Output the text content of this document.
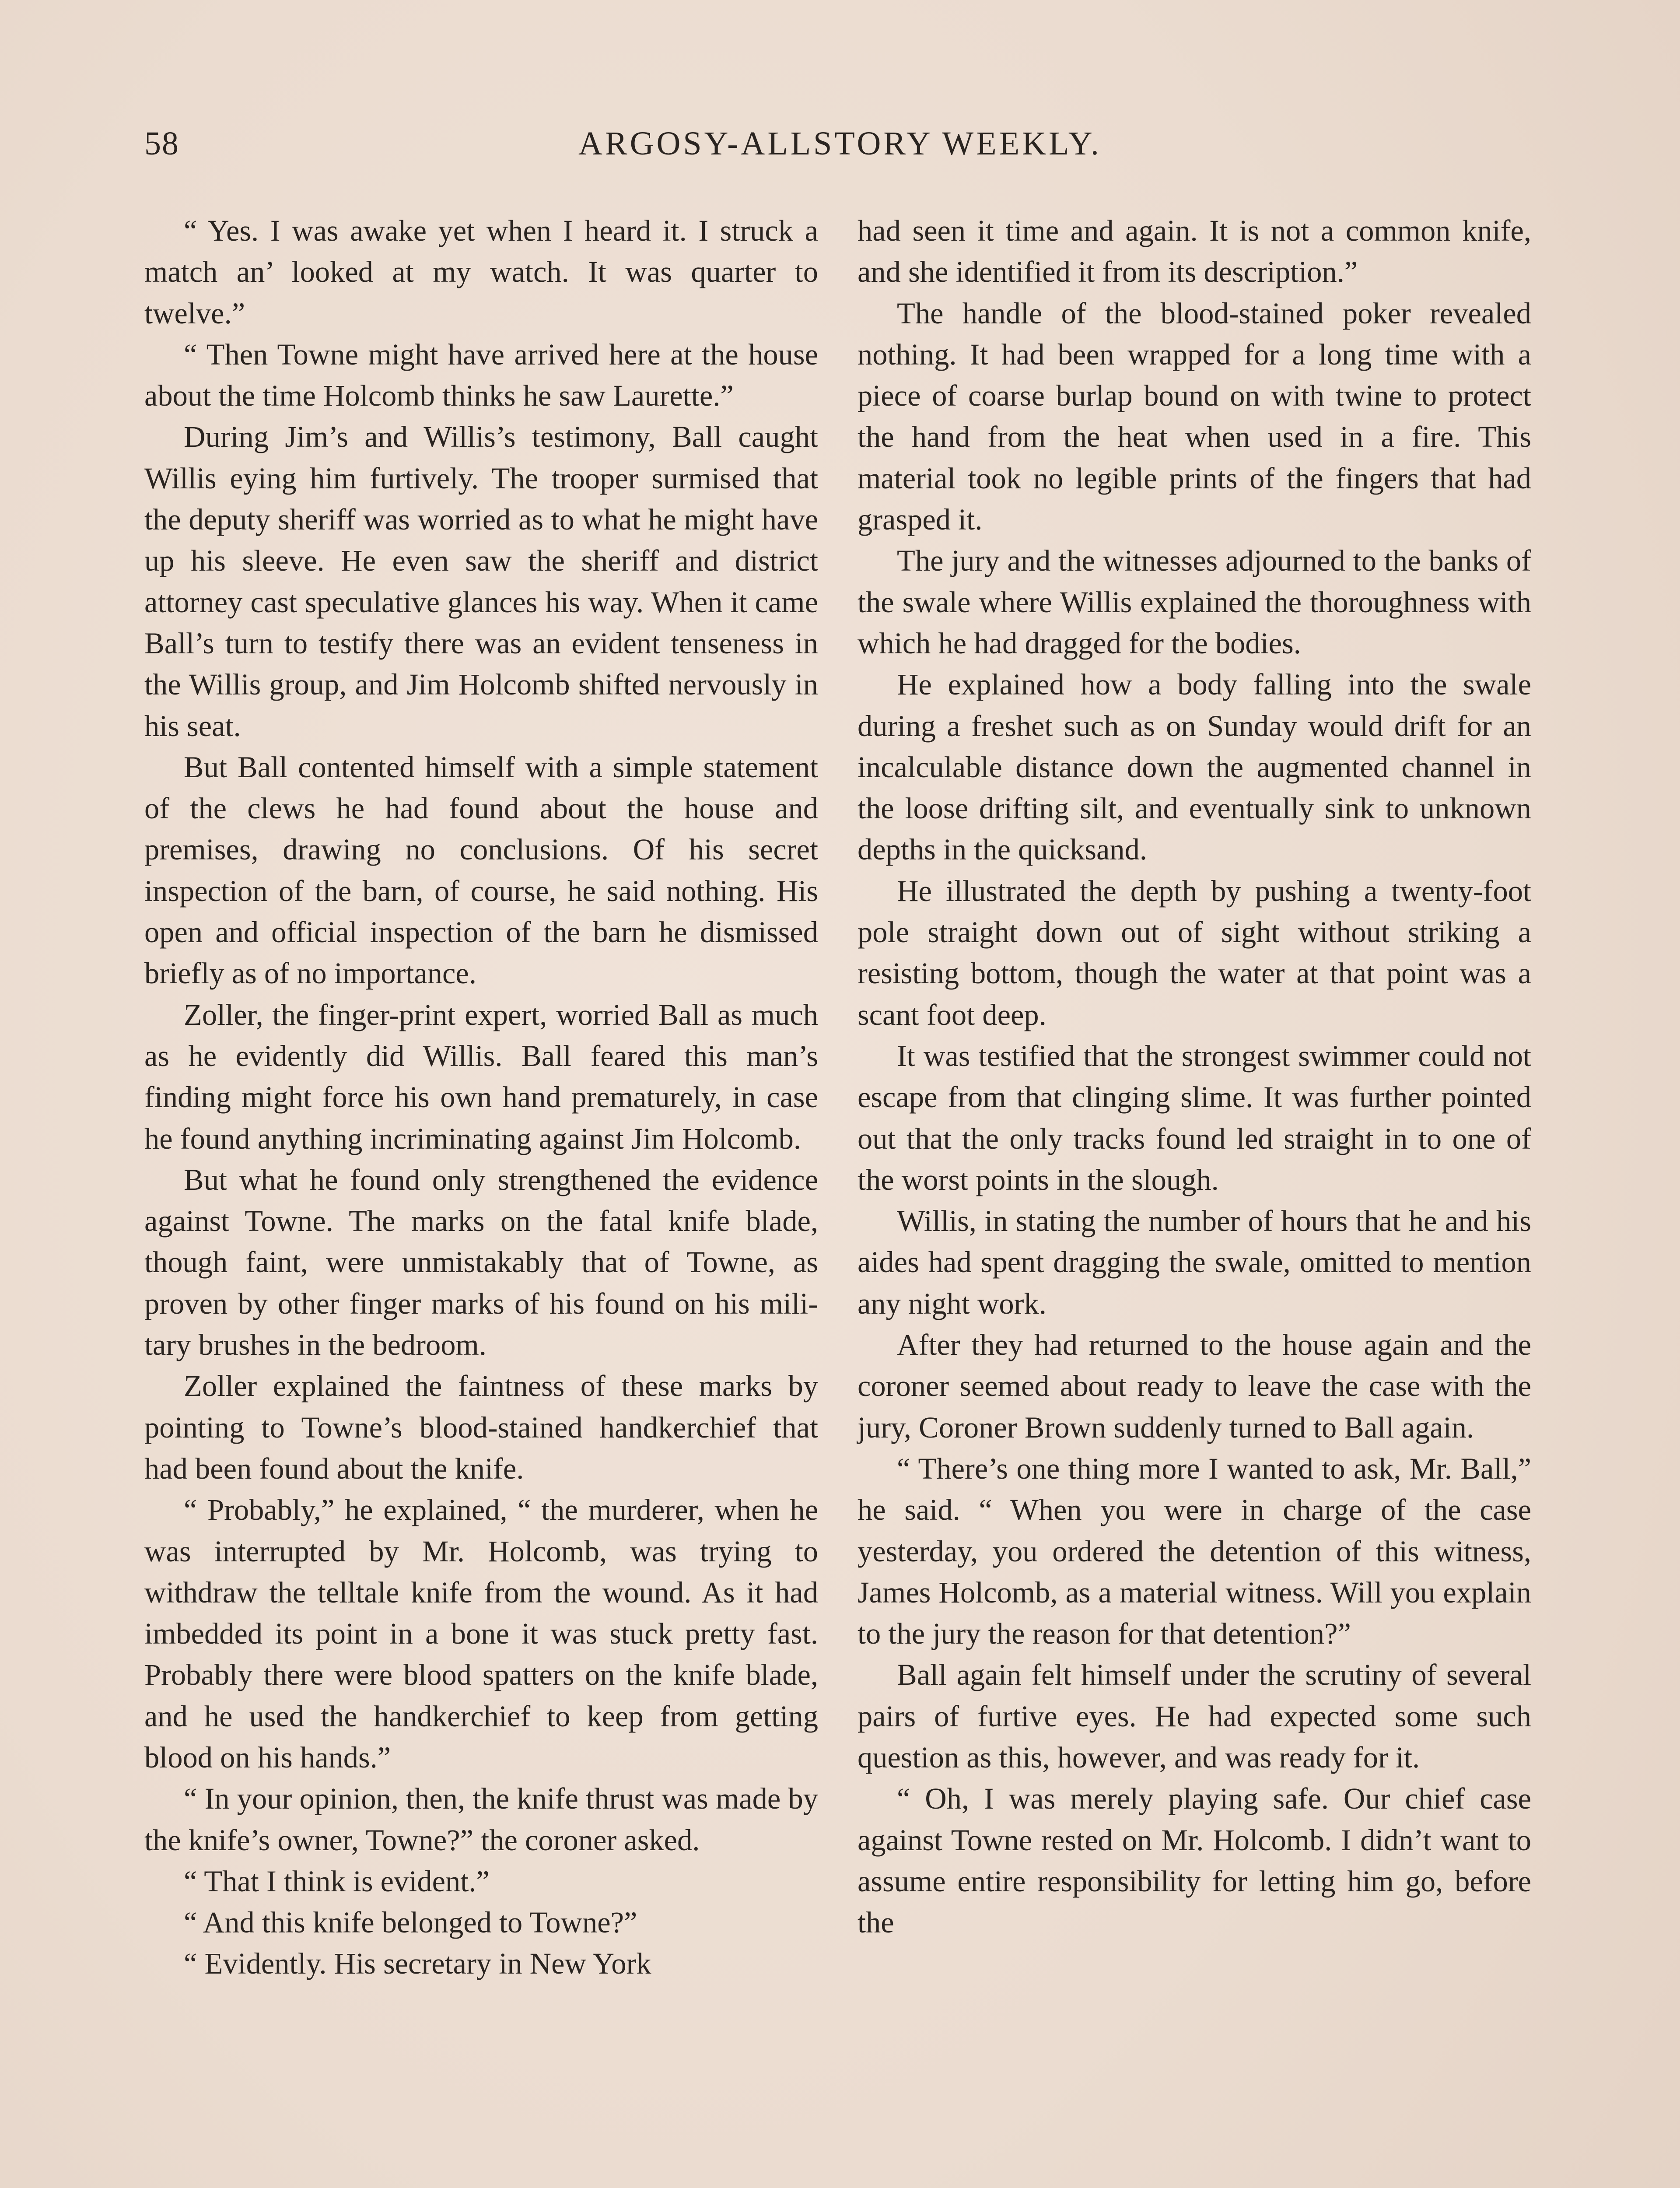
58	ARGOSY-ALLSTORY WEEKLY.

“ Yes. I was awake yet when I heard it. I struck a match an’ looked at my watch. It was quarter to twelve.”

“ Then Towne might have arrived here at the house about the time Holcomb thinks he saw Laurette.”

During Jim’s and Willis’s testimony, Ball caught Willis eying him furtively. The trooper surmised that the deputy sheriff was worried as to what he might have up his sleeve. He even saw the sheriff and district attorney cast speculative glances his way. When it came Ball’s turn to testify there was an evident tenseness in the Willis group, and Jim Holcomb shifted nervously in his seat.

But Ball contented himself with a simple statement of the clews he had found about the house and premises, drawing no conclusions. Of his secret inspection of the barn, of course, he said nothing. His open and official inspection of the barn he dismissed briefly as of no importance.

Zoller, the finger-print expert, worried Ball as much as he evidently did Willis. Ball feared this man’s finding might force his own hand prematurely, in case he found anything incriminating against Jim Holcomb.

But what he found only strengthened the evidence against Towne. The marks on the fatal knife blade, though faint, were unmistakably that of Towne, as proven by other finger marks of his found on his military brushes in the bedroom.

Zoller explained the faintness of these marks by pointing to Towne’s blood-stained handkerchief that had been found about the knife.

“ Probably,” he explained, “ the murderer, when he was interrupted by Mr. Holcomb, was trying to withdraw the telltale knife from the wound. As it had imbedded its point in a bone it was stuck pretty fast. Probably there were blood spatters on the knife blade, and he used the handkerchief to keep from getting blood on his hands.”

“ In your opinion, then, the knife thrust was made by the knife’s owner, Towne?” the coroner asked.

“ That I think is evident.”

“ And this knife belonged to Towne?”

“ Evidently. His secretary in New York

had seen it time and again. It is not a common knife, and she identified it from its description.”

The handle of the blood-stained poker revealed nothing. It had been wrapped for a long time with a piece of coarse burlap bound on with twine to protect the hand from the heat when used in a fire. This material took no legible prints of the fingers that had grasped it.

The jury and the witnesses adjourned to the banks of the swale where Willis explained the thoroughness with which he had dragged for the bodies.

He explained how a body falling into the swale during a freshet such as on Sunday would drift for an incalculable distance down the augmented channel in the loose drifting silt, and eventually sink to unknown depths in the quicksand.

He illustrated the depth by pushing a twenty-foot pole straight down out of sight without striking a resisting bottom, though the water at that point was a scant foot deep.

It was testified that the strongest swimmer could not escape from that clinging slime. It was further pointed out that the only tracks found led straight in to one of the worst points in the slough.

Willis, in stating the number of hours that he and his aides had spent dragging the swale, omitted to mention any night work.

After they had returned to the house again and the coroner seemed about ready to leave the case with the jury, Coroner Brown suddenly turned to Ball again.

“ There’s one thing more I wanted to ask, Mr. Ball,” he said. “ When you were in charge of the case yesterday, you ordered the detention of this witness, James Holcomb, as a material witness. Will you explain to the jury the reason for that detention?”

Ball again felt himself under the scrutiny of several pairs of furtive eyes. He had expected some such question as this, however, and was ready for it.

“ Oh, I was merely playing safe. Our chief case against Towne rested on Mr. Holcomb. I didn’t want to assume entire responsibility for letting him go, before the
